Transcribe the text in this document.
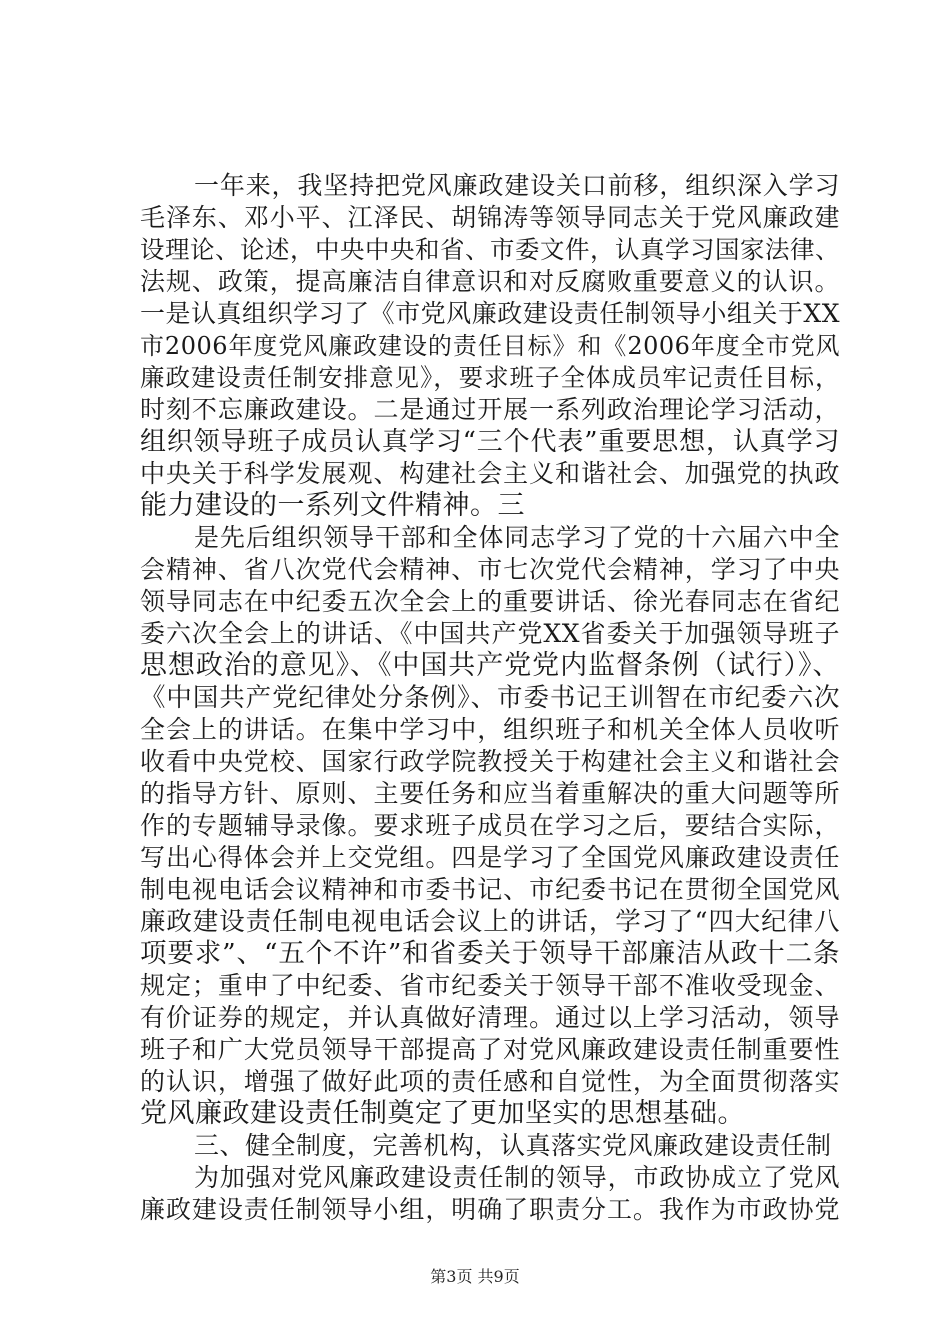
一年来，我坚持把党风廉政建设关口前移，组织深入学习
毛泽东、邓小平、江泽民、胡锦涛等领导同志关于党风廉政建
设理论、论述，中央中央和省、市委文件，认真学习国家法律、
法规、政策，提高廉洁自律意识和对反腐败重要意义的认识。
一是认真组织学习了《市党风廉政建设责任制领导小组关于XX
市2006年度党风廉政建设的责任目标》和《2006年度全市党风
廉政建设责任制安排意见》，要求班子全体成员牢记责任目标，
时刻不忘廉政建设。二是通过开展一系列政治理论学习活动，
组织领导班子成员认真学习“三个代表”重要思想，认真学习
中央关于科学发展观、构建社会主义和谐社会、加强党的执政
能力建设的一系列文件精神。三
是先后组织领导干部和全体同志学习了党的十六届六中全
会精神、省八次党代会精神、市七次党代会精神，学习了中央
领导同志在中纪委五次全会上的重要讲话、徐光春同志在省纪
委六次全会上的讲话、《中国共产党XX省委关于加强领导班子
思想政治的意见》、《中国共产党党内监督条例（试行）》、
《中国共产党纪律处分条例》、市委书记王训智在市纪委六次
全会上的讲话。在集中学习中，组织班子和机关全体人员收听
收看中央党校、国家行政学院教授关于构建社会主义和谐社会
的指导方针、原则、主要任务和应当着重解决的重大问题等所
作的专题辅导录像。要求班子成员在学习之后，要结合实际，
写出心得体会并上交党组。四是学习了全国党风廉政建设责任
制电视电话会议精神和市委书记、市纪委书记在贯彻全国党风
廉政建设责任制电视电话会议上的讲话，学习了“四大纪律八
项要求”、“五个不许”和省委关于领导干部廉洁从政十二条
规定；重申了中纪委、省市纪委关于领导干部不准收受现金、
有价证券的规定，并认真做好清理。通过以上学习活动，领导
班子和广大党员领导干部提高了对党风廉政建设责任制重要性
的认识，增强了做好此项的责任感和自觉性，为全面贯彻落实
党风廉政建设责任制奠定了更加坚实的思想基础。
三、健全制度，完善机构，认真落实党风廉政建设责任制
为加强对党风廉政建设责任制的领导，市政协成立了党风
廉政建设责任制领导小组，明确了职责分工。我作为市政协党
第3页 共9页
